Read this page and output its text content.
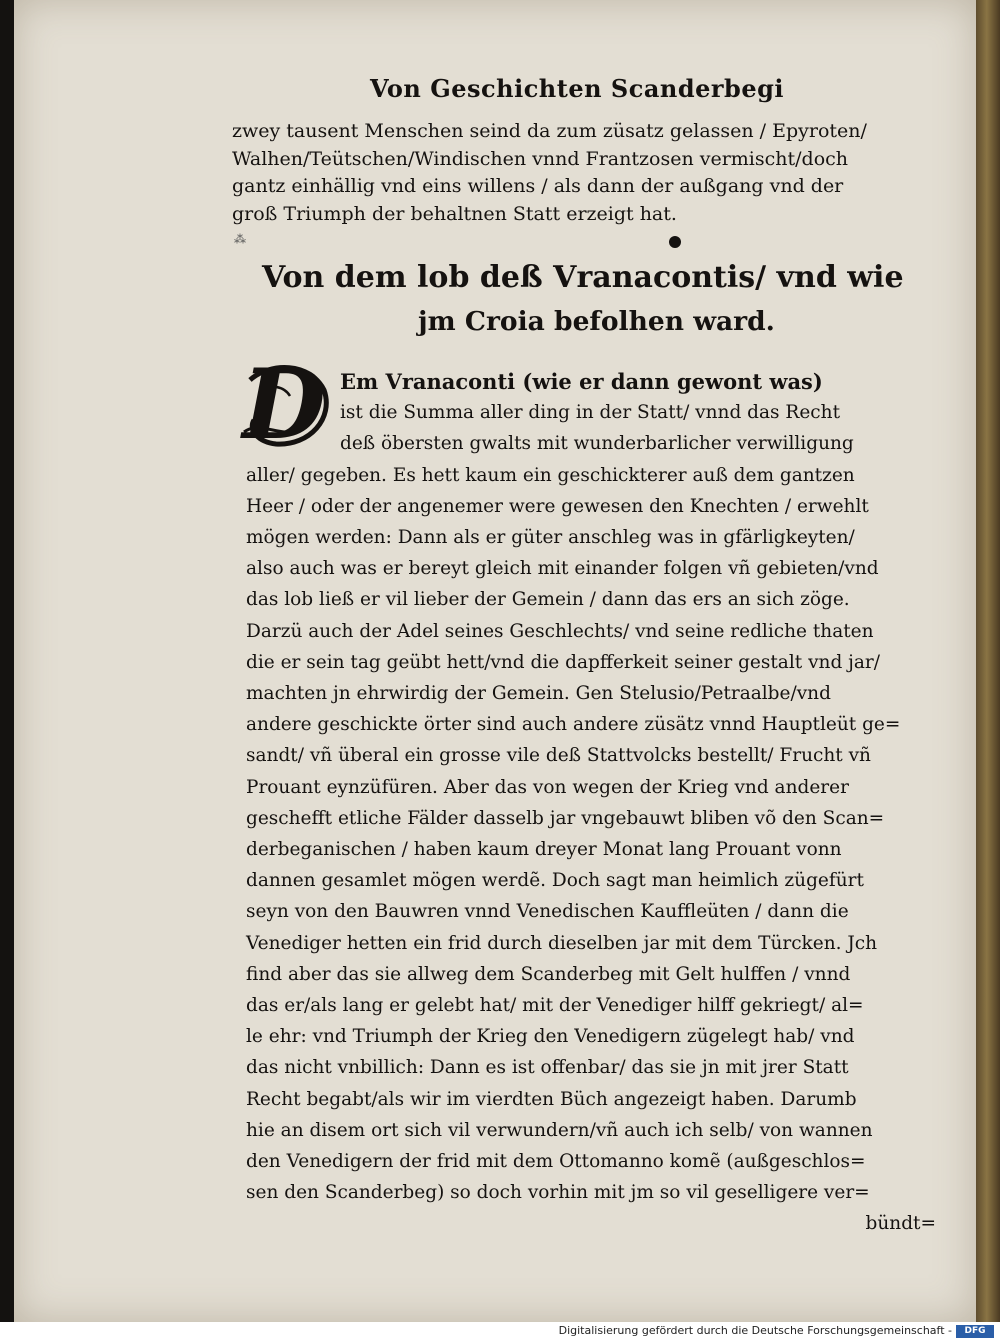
Von Geschichten Scanderbegi
zwey tausent Menschen seind da zum züsatz gelassen / Epyroten/
Walhen/Teütschen/Windischen vnnd Frantzosen vermischt/doch
gantz einhällig vnd eins willens / als dann der außgang vnd der
groß Triumph der behaltnen Statt erzeigt hat.
⁂
Von dem lob deß Vranacontis/ vnd wie
jm Croia befolhen ward.
D Em Vranaconti (wie er dann gewont was)
ist die Summa aller ding in der Statt/ vnnd das Recht
deß öbersten gwalts mit wunderbarlicher verwilligung
aller/ gegeben. Es hett kaum ein geschickterer auß dem gantzen
Heer / oder der angenemer were gewesen den Knechten / erwehlt
mögen werden: Dann als er güter anschleg was in gfärligkeyten/
also auch was er bereyt gleich mit einander folgen vñ gebieten/vnd
das lob ließ er vil lieber der Gemein / dann das ers an sich zöge.
Darzü auch der Adel seines Geschlechts/ vnd seine redliche thaten
die er sein tag geübt hett/vnd die dapfferkeit seiner gestalt vnd jar/
machten jn ehrwirdig der Gemein. Gen Stelusio/Petraalbe/vnd
andere geschickte örter sind auch andere züsätz vnnd Hauptleüt ge=
sandt/ vñ überal ein grosse vile deß Stattvolcks bestellt/ Frucht vñ
Prouant eynzüfüren. Aber das von wegen der Krieg vnd anderer
geschefft etliche Fälder dasselb jar vngebauwt bliben võ den Scan=
derbeganischen / haben kaum dreyer Monat lang Prouant vonn
dannen gesamlet mögen werdẽ. Doch sagt man heimlich zügefürt
seyn von den Bauwren vnnd Venedischen Kauffleüten / dann die
Venediger hetten ein frid durch dieselben jar mit dem Türcken. Jch
find aber das sie allweg dem Scanderbeg mit Gelt hulffen / vnnd
das er/als lang er gelebt hat/ mit der Venediger hilff gekriegt/ al=
le ehr: vnd Triumph der Krieg den Venedigern zügelegt hab/ vnd
das nicht vnbillich: Dann es ist offenbar/ das sie jn mit jrer Statt
Recht begabt/als wir im vierdten Büch angezeigt haben. Darumb
hie an disem ort sich vil verwundern/vñ auch ich selb/ von wannen
den Venedigern der frid mit dem Ottomanno komẽ (außgeschlos=
sen den Scanderbeg) so doch vorhin mit jm so vil geselligere ver=
bündt=
Digitalisierung gefördert durch die Deutsche Forschungsgemeinschaft -	DFG
